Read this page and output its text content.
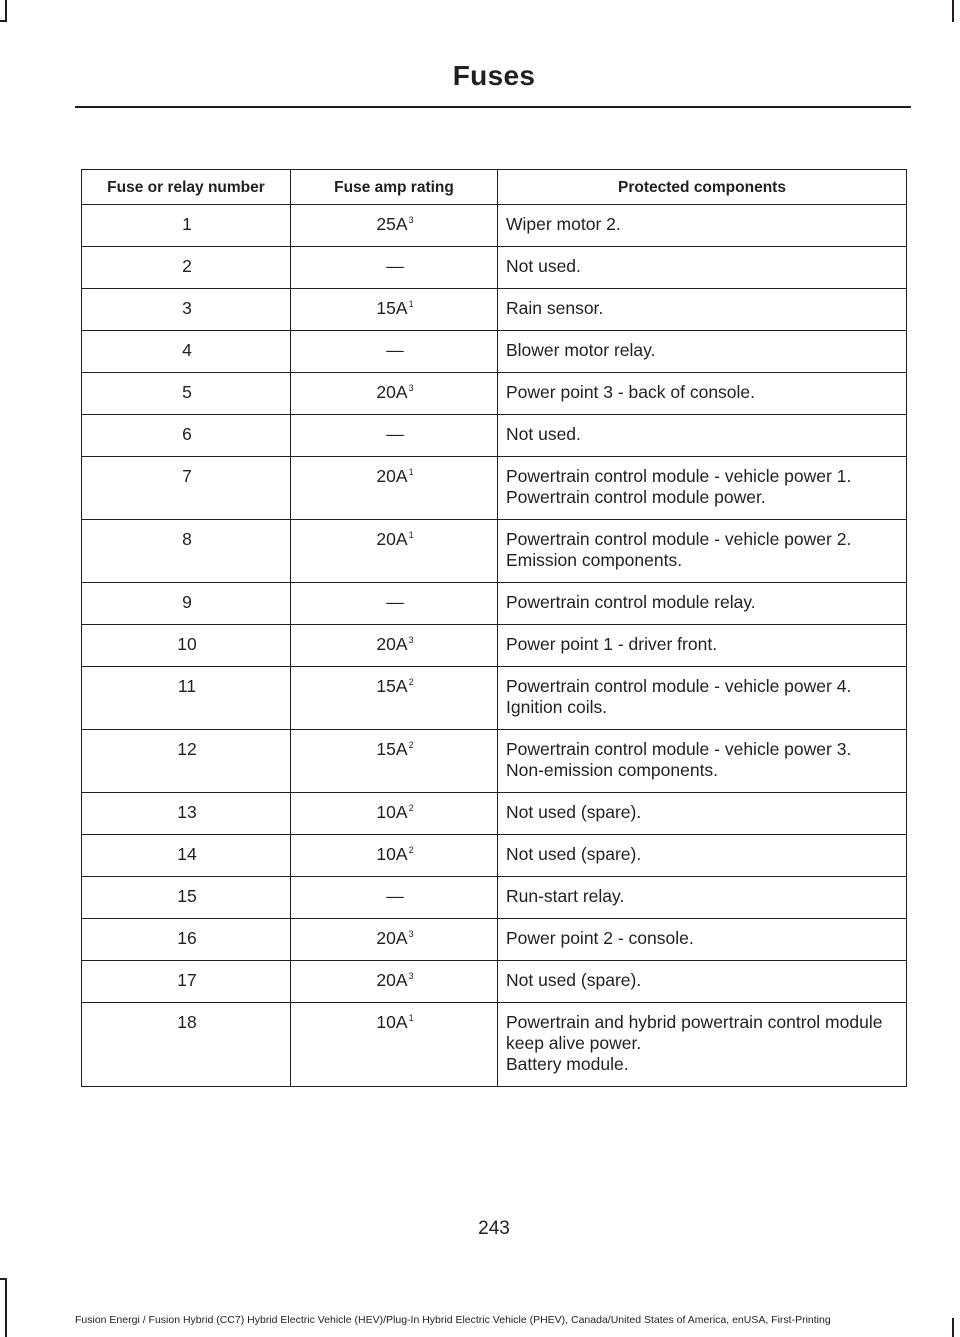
Fuses
Fuse or relay number	Fuse amp rating	Protected components
1	$25A^3$	Wiper motor 2.

2	—	Not used.

3	$15A^1$	Rain sensor.

4	—	Blower motor relay.

5	$20A^3$	Power point 3 - back of console.

6	—	Not used.

7	$20A^1$	Powertrain control module - vehicle power 1.
Powertrain control module power.

8	$20A^1$	Powertrain control module - vehicle power 2.
Emission components.

9	—	Powertrain control module relay.

10	$20A^3$	Power point 1 - driver front.

11	$15A^2$	Powertrain control module - vehicle power 4.
Ignition coils.

12	$15A^2$	Powertrain control module - vehicle power 3.
Non-emission components.

13	$10A^2$	Not used (spare).

14	$10A^2$	Not used (spare).

15	—	Run-start relay.

16	$20A^3$	Power point 2 - console.

17	$20A^3$	Not used (spare).

18	$10A^1$	Powertrain and hybrid powertrain control module keep alive power.
Battery module.
243
Fusion Energi / Fusion Hybrid (CC7) Hybrid Electric Vehicle (HEV)/Plug-In Hybrid Electric Vehicle (PHEV), Canada/United States of America, enUSA, First-Printing
